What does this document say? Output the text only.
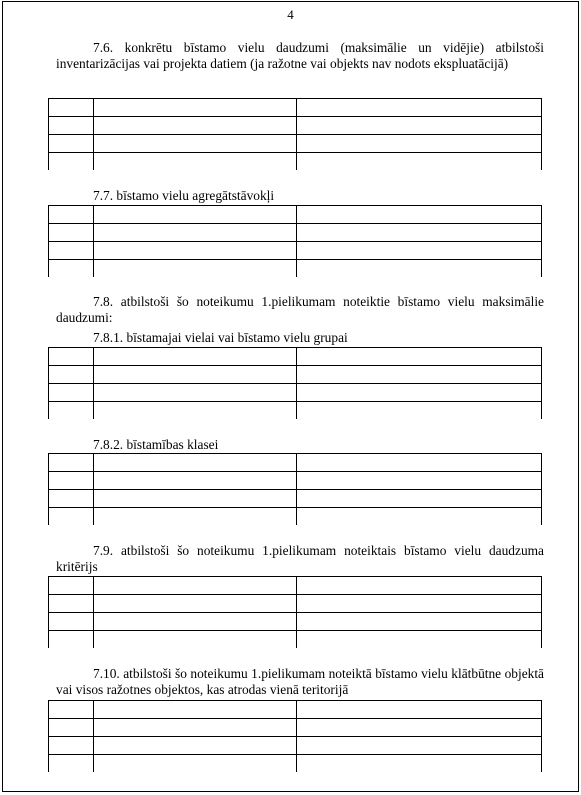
4

7.6. konkrētu bīstamo vielu daudzumi (maksimālie un vidējie) atbilstoši inventarizācijas vai projekta datiem (ja ražotne vai objekts nav nodots ekspluatācijā)

7.7. bīstamo vielu agregātstāvokļi

7.8. atbilstoši šo noteikumu 1.pielikumam noteiktie bīstamo vielu maksimālie daudzumi:

7.8.1. bīstamajai vielai vai bīstamo vielu grupai

7.8.2. bīstamības klasei

7.9. atbilstoši šo noteikumu 1.pielikumam noteiktais bīstamo vielu daudzuma kritērijs

7.10. atbilstoši šo noteikumu 1.pielikumam noteiktā bīstamo vielu klātbūtne objektā vai visos ražotnes objektos, kas atrodas vienā teritorijā
